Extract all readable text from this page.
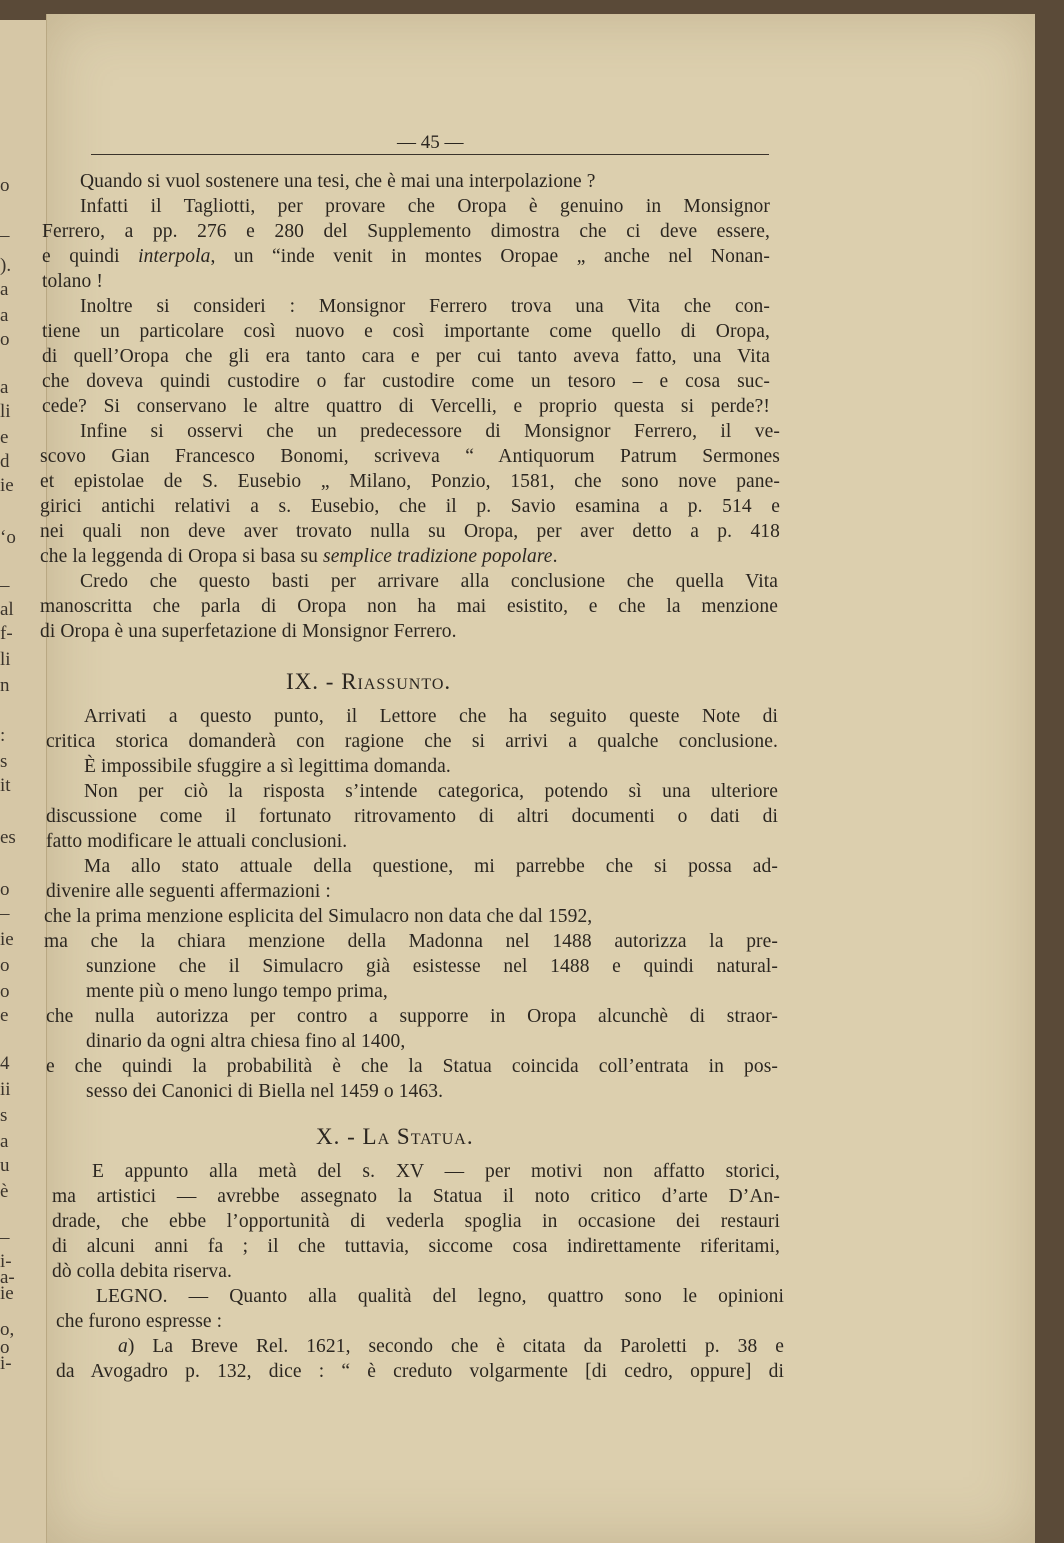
o
–
).
a
a
o
a
li
e
d
ie
‘o
–
al
f-
li
n
:
s
it
es
o
–
ie
o
o
e
4
ii
s
a
u
è
–
i-
a-
ie
o,
o
i-
— 45 —
Quando si vuol sostenere una tesi, che è mai una interpolazione ?
Infatti il Tagliotti, per provare che Oropa è genuino in Monsignor
Ferrero, a pp. 276 e 280 del Supplemento dimostra che ci deve essere,
e quindi interpola, un “inde venit in montes Oropae „ anche nel Nonan-
tolano !
Inoltre si consideri : Monsignor Ferrero trova una Vita che con-
tiene un particolare così nuovo e così importante come quello di Oropa,
di quell’Oropa che gli era tanto cara e per cui tanto aveva fatto, una Vita
che doveva quindi custodire o far custodire come un tesoro – e cosa suc-
cede? Si conservano le altre quattro di Vercelli, e proprio questa si perde?!
Infine si osservi che un predecessore di Monsignor Ferrero, il ve-
scovo Gian Francesco Bonomi, scriveva “ Antiquorum Patrum Sermones
et epistolae de S. Eusebio „ Milano, Ponzio, 1581, che sono nove pane-
girici antichi relativi a s. Eusebio, che il p. Savio esamina a p. 514 e
nei quali non deve aver trovato nulla su Oropa, per aver detto a p. 418
che la leggenda di Oropa si basa su semplice tradizione popolare.
Credo che questo basti per arrivare alla conclusione che quella Vita
manoscritta che parla di Oropa non ha mai esistito, e che la menzione
di Oropa è una superfetazione di Monsignor Ferrero.
IX. - Riassunto.
Arrivati a questo punto, il Lettore che ha seguito queste Note di
critica storica domanderà con ragione che si arrivi a qualche conclusione.
È impossibile sfuggire a sì legittima domanda.
Non per ciò la risposta s’intende categorica, potendo sì una ulteriore
discussione come il fortunato ritrovamento di altri documenti o dati di
fatto modificare le attuali conclusioni.
Ma allo stato attuale della questione, mi parrebbe che si possa ad-
divenire alle seguenti affermazioni :
che la prima menzione esplicita del Simulacro non data che dal 1592,
ma che la chiara menzione della Madonna nel 1488 autorizza la pre-
sunzione che il Simulacro già esistesse nel 1488 e quindi natural-
mente più o meno lungo tempo prima,
che nulla autorizza per contro a supporre in Oropa alcunchè di straor-
dinario da ogni altra chiesa fino al 1400,
e che quindi la probabilità è che la Statua coincida coll’entrata in pos-
sesso dei Canonici di Biella nel 1459 o 1463.
X. - La Statua.
E appunto alla metà del s. XV — per motivi non affatto storici,
ma artistici — avrebbe assegnato la Statua il noto critico d’arte D’An-
drade, che ebbe l’opportunità di vederla spoglia in occasione dei restauri
di alcuni anni fa ; il che tuttavia, siccome cosa indirettamente riferitami,
dò colla debita riserva.
LEGNO. — Quanto alla qualità del legno, quattro sono le opinioni
che furono espresse :
a) La Breve Rel. 1621, secondo che è citata da Paroletti p. 38 e
da Avogadro p. 132, dice : “ è creduto volgarmente [di cedro, oppure] di
